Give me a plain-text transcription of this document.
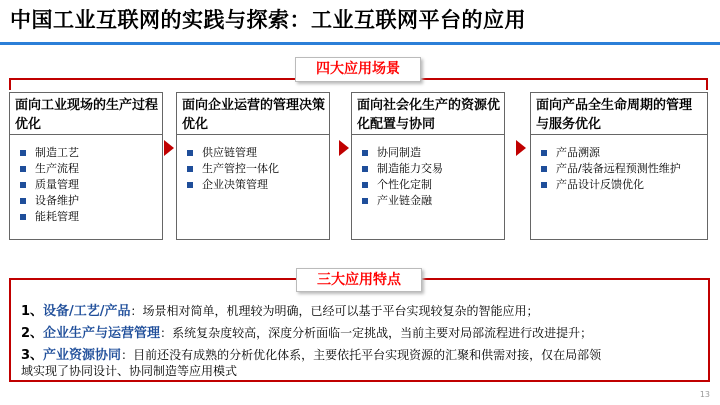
中国工业互联网的实践与探索：工业互联网平台的应用
四大应用场景
面向工业现场的生产过程优化
制造工艺
生产流程
质量管理
设备维护
能耗管理
面向企业运营的管理决策优化
供应链管理
生产管控一体化
企业决策管理
面向社会化生产的资源优化配置与协同
协同制造
制造能力交易
个性化定制
产业链金融
面向产品全生命周期的管理与服务优化
产品溯源
产品/装备远程预测性维护
产品设计反馈优化
1、设备/工艺/产品：场景相对简单，机理较为明确，已经可以基于平台实现较复杂的智能应用；
2、企业生产与运营管理：系统复杂度较高，深度分析面临一定挑战，当前主要对局部流程进行改进提升；
3、产业资源协同：目前还没有成熟的分析优化体系，主要依托平台实现资源的汇聚和供需对接，仅在局部领
域实现了协同设计、协同制造等应用模式
三大应用特点
13
